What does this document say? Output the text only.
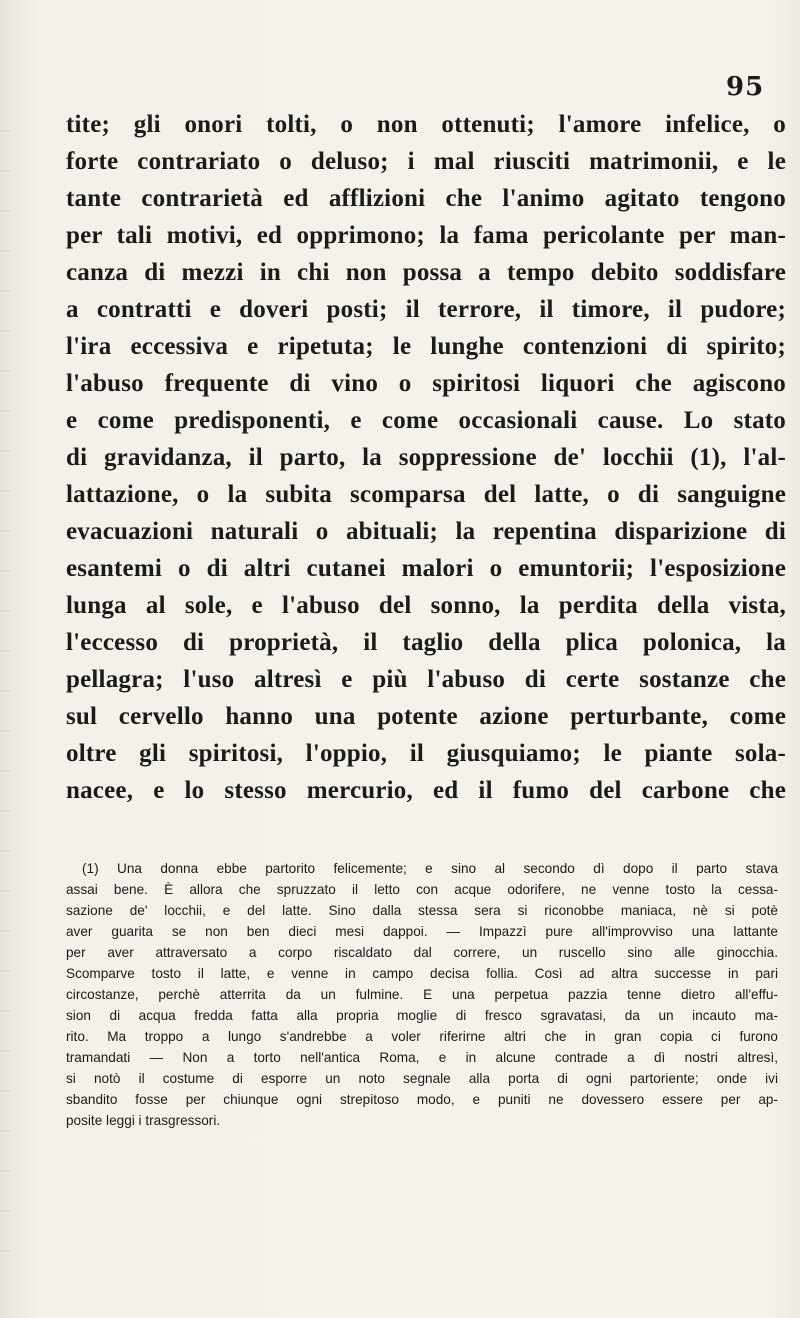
95
tite; gli onori tolti, o non ottenuti; l'amore infelice, o
forte contrariato o deluso; i mal riusciti matrimonii, e le
tante contrarietà ed afflizioni che l'animo agitato tengono
per tali motivi, ed opprimono; la fama pericolante per man-
canza di mezzi in chi non possa a tempo debito soddisfare
a contratti e doveri posti; il terrore, il timore, il pudore;
l'ira eccessiva e ripetuta; le lunghe contenzioni di spirito;
l'abuso frequente di vino o spiritosi liquori che agiscono
e come predisponenti, e come occasionali cause. Lo stato
di gravidanza, il parto, la soppressione de' locchii (1), l'al-
lattazione, o la subita scomparsa del latte, o di sanguigne
evacuazioni naturali o abituali; la repentina disparizione di
esantemi o di altri cutanei malori o emuntorii; l'esposizione
lunga al sole, e l'abuso del sonno, la perdita della vista,
l'eccesso di proprietà, il taglio della plica polonica, la
pellagra; l'uso altresì e più l'abuso di certe sostanze che
sul cervello hanno una potente azione perturbante, come
oltre gli spiritosi, l'oppio, il giusquiamo; le piante sola-
nacee, e lo stesso mercurio, ed il fumo del carbone che
(1) Una donna ebbe partorito felicemente; e sino al secondo dì dopo il parto stava
assai bene. È allora che spruzzato il letto con acque odorifere, ne venne tosto la cessa-
sazione de' locchii, e del latte. Sino dalla stessa sera si riconobbe maniaca, nè si potè
aver guarita se non ben dieci mesi dappoi. — Impazzì pure all'improvviso una lattante
per aver attraversato a corpo riscaldato dal correre, un ruscello sino alle ginocchia.
Scomparve tosto il latte, e venne in campo decisa follia. Così ad altra successe in pari
circostanze, perchè atterrita da un fulmine. E una perpetua pazzia tenne dietro all'effu-
sion di acqua fredda fatta alla propria moglie di fresco sgravatasi, da un incauto ma-
rito. Ma troppo a lungo s'andrebbe a voler riferirne altri che in gran copia ci furono
tramandati — Non a torto nell'antica Roma, e in alcune contrade a dì nostri altresì,
si notò il costume di esporre un noto segnale alla porta di ogni partoriente; onde ivi
sbandito fosse per chiunque ogni strepitoso modo, e puniti ne dovessero essere per ap-
posite leggi i trasgressori.
